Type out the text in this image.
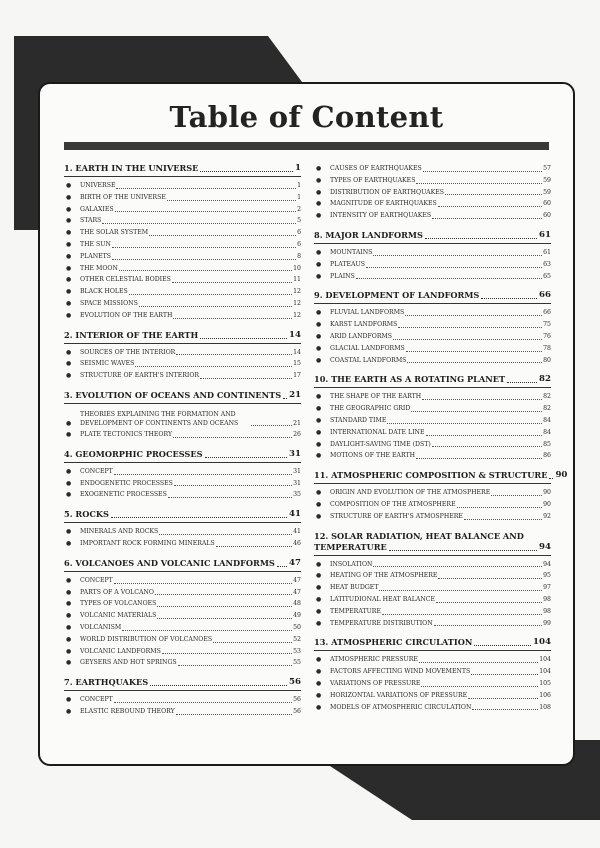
Table of Content
1. EARTH IN THE UNIVERSE	1
●	UNIVERSE	1
●	BIRTH OF THE UNIVERSE	1
●	GALAXIES	2
●	STARS	5
●	THE SOLAR SYSTEM	6
●	THE SUN	6
●	PLANETS	8
●	THE MOON	10
●	OTHER CELESTIAL BODIES	11
●	BLACK HOLES	12
●	SPACE MISSIONS	12
●	EVOLUTION OF THE EARTH	12
2. INTERIOR OF THE EARTH	14
●	SOURCES OF THE INTERIOR	14
●	SEISMIC WAVES	15
●	STRUCTURE OF EARTH'S INTERIOR	17
3. EVOLUTION OF OCEANS AND CONTINENTS 21
●
THEORIES EXPLAINING THE FORMATION AND DEVELOPMENT OF CONTINENTS AND OCEANS	21
●	PLATE TECTONICS THEORY	26
4. GEOMORPHIC PROCESSES	31
●	CONCEPT	31
●	ENDOGENETIC PROCESSES	31
●	EXOGENETIC PROCESSES	35
5. ROCKS	41
●	MINERALS AND ROCKS	41
●	IMPORTANT ROCK FORMING MINERALS	46
6. VOLCANOES AND VOLCANIC LANDFORMS 47
●	CONCEPT	47
●	PARTS OF A VOLCANO	47
●	TYPES OF VOLCANOES	48
●	VOLCANIC MATERIALS	49
●	VOLCANISM	50
●	WORLD DISTRIBUTION OF VOLCANOES	52
●	VOLCANIC LANDFORMS	53
●	GEYSERS AND HOT SPRINGS	55
7. EARTHQUAKES	56
●	CONCEPT	56
●	ELASTIC REBOUND THEORY	56
●	CAUSES OF EARTHQUAKES	57
●	TYPES OF EARTHQUAKES	59
●	DISTRIBUTION OF EARTHQUAKES	59
●	MAGNITUDE OF EARTHQUAKES	60
●	INTENSITY OF EARTHQUAKES	60
8. MAJOR LANDFORMS	61
●	MOUNTAINS	61
●	PLATEAUS	63
●	PLAINS	65
9. DEVELOPMENT OF LANDFORMS	66
●	FLUVIAL LANDFORMS	66
●	KARST LANDFORMS	75
●	ARID LANDFORMS	76
●	GLACIAL LANDFORMS	78
●	COASTAL LANDFORMS	80
10. THE EARTH AS A ROTATING PLANET	82
●	THE SHAPE OF THE EARTH	82
●	THE GEOGRAPHIC GRID	82
●	STANDARD TIME	84
●	INTERNATIONAL DATE LINE	84
●	DAYLIGHT-SAVING TIME (DST)	85
●	MOTIONS OF THE EARTH	86
11. ATMOSPHERIC COMPOSITION & STRUCTURE 90
●	ORIGIN AND EVOLUTION OF THE ATMOSPHERE	90
●	COMPOSITION OF THE ATMOSPHERE	90
●	STRUCTURE OF EARTH'S ATMOSPHERE	92
12. SOLAR RADIATION, HEAT BALANCE AND
TEMPERATURE	94
●	INSOLATION	94
●	HEATING OF THE ATMOSPHERE	95
●	HEAT BUDGET	97
●	LATITUDIONAL HEAT BALANCE	98
●	TEMPERATURE	98
●	TEMPERATURE DISTRIBUTION	99
13. ATMOSPHERIC CIRCULATION	104
●	ATMOSPHERIC PRESSURE	104
●	FACTORS AFFECTING WIND MOVEMENTS	104
●	VARIATIONS OF PRESSURE	105
●	HORIZONTAL VARIATIONS OF PRESSURE	106
●	MODELS OF ATMOSPHERIC CIRCULATION	108
